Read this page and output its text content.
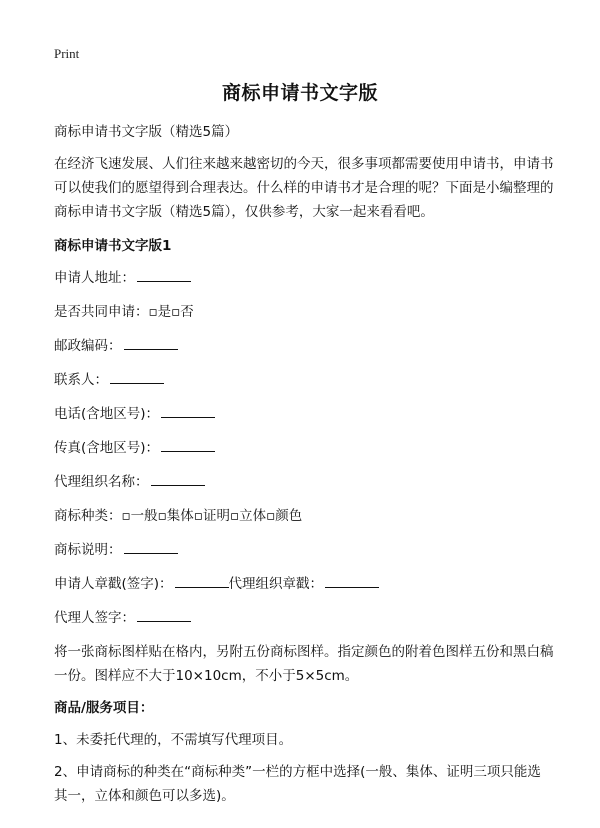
Print
商标申请书文字版

商标申请书文字版（精选5篇）

在经济飞速发展、人们往来越来越密切的今天，很多事项都需要使用申请书，申请书可以使我们的愿望得到合理表达。什么样的申请书才是合理的呢？下面是小编整理的商标申请书文字版（精选5篇），仅供参考，大家一起来看看吧。

商标申请书文字版1

申请人地址：
是否共同申请：▫是▫否
邮政编码：
联系人：
电话(含地区号)：
传真(含地区号)：
代理组织名称：
商标种类：▫一般▫集体▫证明▫立体▫颜色
商标说明：
申请人章戳(签字)：	代理组织章戳：
代理人签字：

将一张商标图样贴在格内，另附五份商标图样。指定颜色的附着色图样五份和黑白稿一份。图样应不大于10×10cm，不小于5×5cm。

商品/服务项目：

1、未委托代理的，不需填写代理项目。

2、申请商标的种类在“商标种类”一栏的方框中选择(一般、集体、证明三项只能选其一，立体和颜色可以多选)。
